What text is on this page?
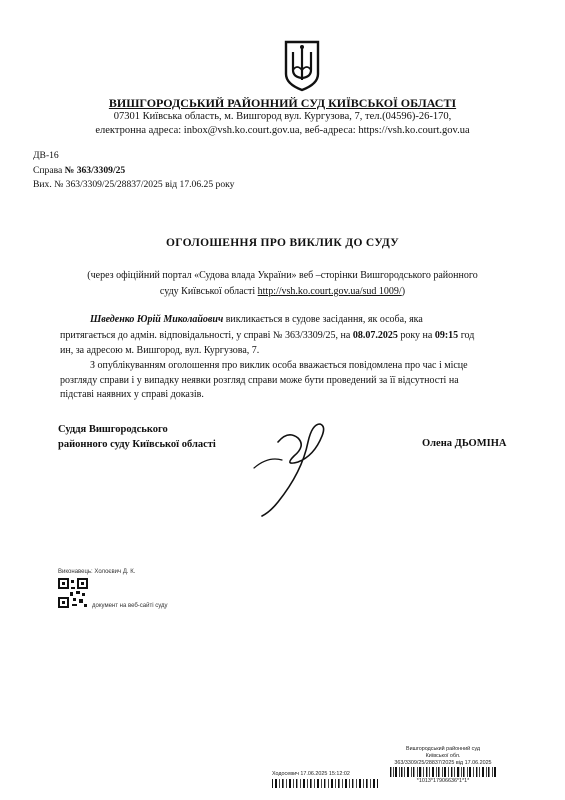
ВИШГОРОДСЬКИЙ РАЙОННИЙ СУД КИЇВСЬКОЇ ОБЛАСТІ
07301 Київська область, м. Вишгород вул. Кургузова, 7, тел.(04596)-26-170,
електронна адреса: inbox@vsh.ko.court.gov.ua, веб-адреса: https://vsh.ko.court.gov.ua
ДВ-16
Справа № 363/3309/25
Вих. № 363/3309/25/28837/2025 від 17.06.25 року
ОГОЛОШЕННЯ ПРО ВИКЛИК ДО СУДУ
(через офіційний портал «Судова влада України» веб –сторінки Вишгородського районного
суду Київської області http://vsh.ko.court.gov.ua/sud 1009/)
Шведенко Юрій Миколайович викликається в судове засідання, як особа, яка
притягається до адмін. відповідальності, у справі № 363/3309/25, на 08.07.2025 року на 09:15 год
ин, за адресою м. Вишгород, вул. Кургузова, 7.
З опублікуванням оголошення про виклик особа вважається повідомлена про час і місце
розгляду справи і у випадку неявки розгляд справи може бути проведений за її відсутності на
підставі наявних у справі доказів.
Суддя Вишгородського
районного суду Київської області	Олена ДЬОМІНА
Виконавець: Холоєвич Д. К.
документ на веб-сайті суду
Вишгородський районний суд
Київської обл.
363/3309/25/28837/2025 від 17.06.2025
*1013*17906636*1*1*
Ходосевич 17.06.2025 15:12:02
